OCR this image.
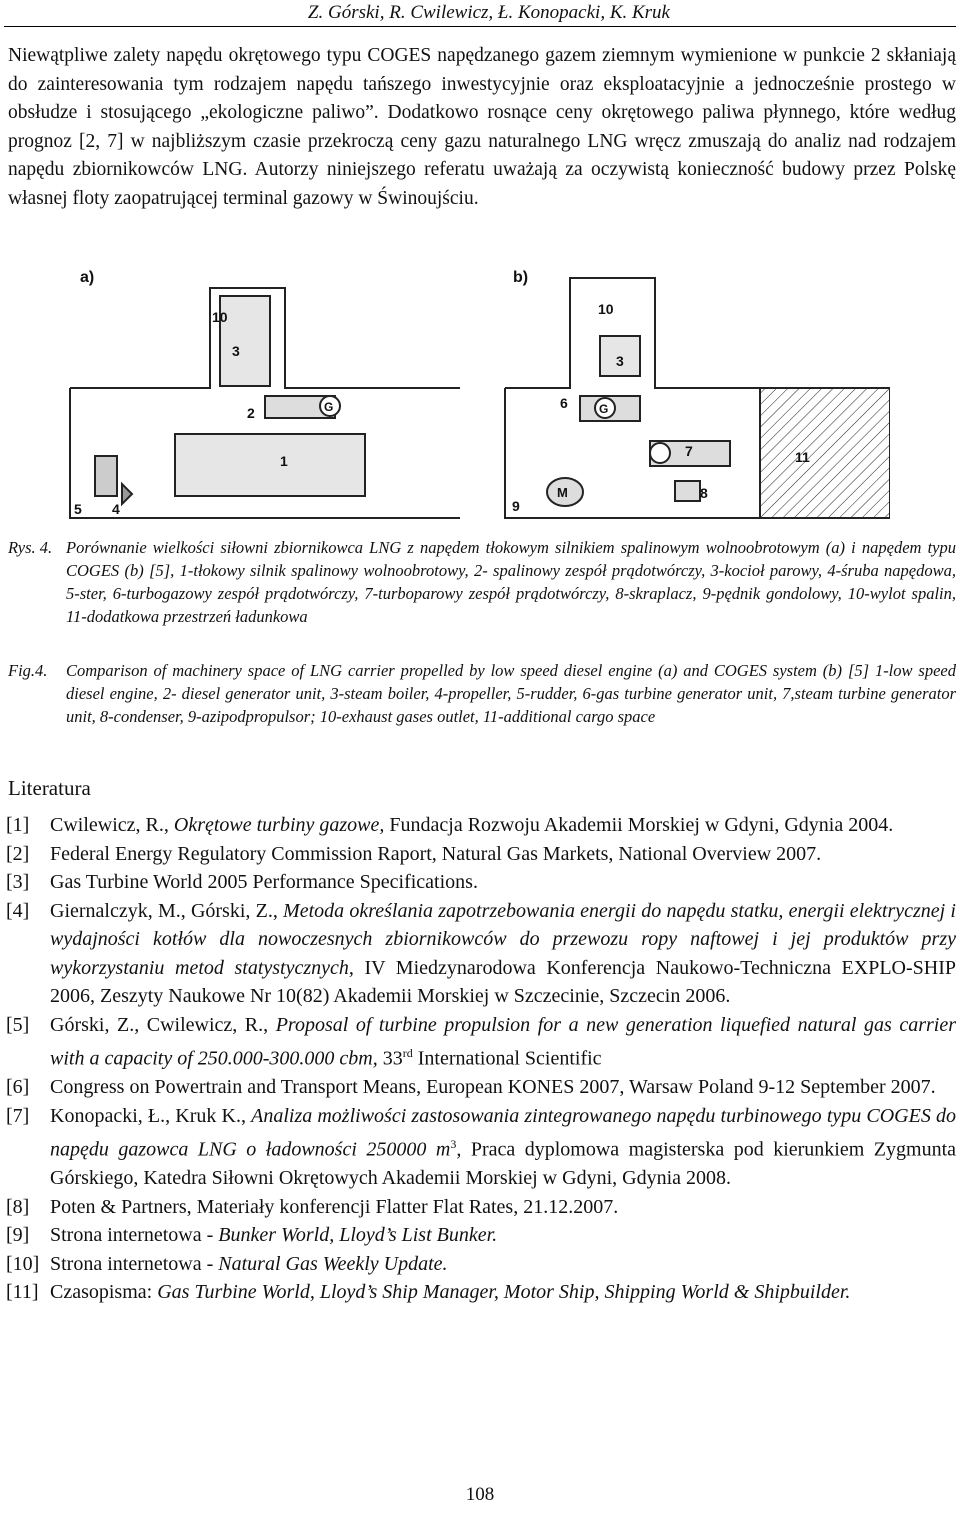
Z. Górski, R. Cwilewicz, Ł. Konopacki, K. Kruk
Niewątpliwe zalety napędu okrętowego typu COGES napędzanego gazem ziemnym wymienione w punkcie 2 skłaniają do zainteresowania tym rodzajem napędu tańszego inwestycyjnie oraz eksploatacyjnie a jednocześnie prostego w obsłudze i stosującego „ekologiczne paliwo”. Dodatkowo rosnące ceny okrętowego paliwa płynnego, które według prognoz [2, 7] w najbliższym czasie przekroczą ceny gazu naturalnego LNG wręcz zmuszają do analiz nad rodzajem napędu zbiornikowców LNG. Autorzy niniejszego referatu uważają za oczywistą konieczność budowy przez Polskę własnej floty zaopatrującej terminal gazowy w Świnoujściu.
a)	b)
10
3
2
1
5 4
G
10
3
6
7	11
8
9
G
M
Rys. 4. Porównanie wielkości siłowni zbiornikowca LNG z napędem tłokowym silnikiem spalinowym wolnoobrotowym (a) i napędem typu COGES (b) [5], 1-tłokowy silnik spalinowy wolnoobrotowy, 2- spalinowy zespół prądotwórczy, 3-kocioł parowy, 4-śruba napędowa, 5-ster, 6-turbogazowy zespół prądotwórczy, 7-turboparowy zespół prądotwórczy, 8-skraplacz, 9-pędnik gondolowy, 10-wylot spalin, 11-dodatkowa przestrzeń ładunkowa
Fig.4. Comparison of machinery space of LNG carrier propelled by low speed diesel engine (a) and COGES system (b) [5] 1-low speed diesel engine, 2- diesel generator unit, 3-steam boiler, 4-propeller, 5-rudder, 6-gas turbine generator unit, 7,steam turbine generator unit, 8-condenser, 9-azipodpropulsor; 10-exhaust gases outlet, 11-additional cargo space
Literatura
[1] Cwilewicz, R., Okrętowe turbiny gazowe, Fundacja Rozwoju Akademii Morskiej w Gdyni, Gdynia 2004.
[2] Federal Energy Regulatory Commission Raport, Natural Gas Markets, National Overview 2007.
[3] Gas Turbine World 2005 Performance Specifications.
[4] Giernalczyk, M., Górski, Z., Metoda określania zapotrzebowania energii do napędu statku, energii elektrycznej i wydajności kotłów dla nowoczesnych zbiornikowców do przewozu ropy naftowej i jej produktów przy wykorzystaniu metod statystycznych, IV Miedzynarodowa Konferencja Naukowo-Techniczna EXPLO-SHIP 2006, Zeszyty Naukowe Nr 10(82) Akademii Morskiej w Szczecinie, Szczecin 2006.
[5] Górski, Z., Cwilewicz, R., Proposal of turbine propulsion for a new generation liquefied natural gas carrier with a capacity of 250.000-300.000 cbm, 33rd International Scientific
[6] Congress on Powertrain and Transport Means, European KONES 2007, Warsaw Poland 9-12 September 2007.
[7] Konopacki, Ł., Kruk K., Analiza możliwości zastosowania zintegrowanego napędu turbinowego typu COGES do napędu gazowca LNG o ładowności 250000 $m^3$, Praca dyplomowa magisterska pod kierunkiem Zygmunta Górskiego, Katedra Siłowni Okrętowych Akademii Morskiej w Gdyni, Gdynia 2008.
[8] Poten & Partners, Materiały konferencji Flatter Flat Rates, 21.12.2007.
[9] Strona internetowa - Bunker World, Lloyd’s List Bunker.
[10] Strona internetowa - Natural Gas Weekly Update.
[11] Czasopisma: Gas Turbine World, Lloyd’s Ship Manager, Motor Ship, Shipping World & Shipbuilder.
108
